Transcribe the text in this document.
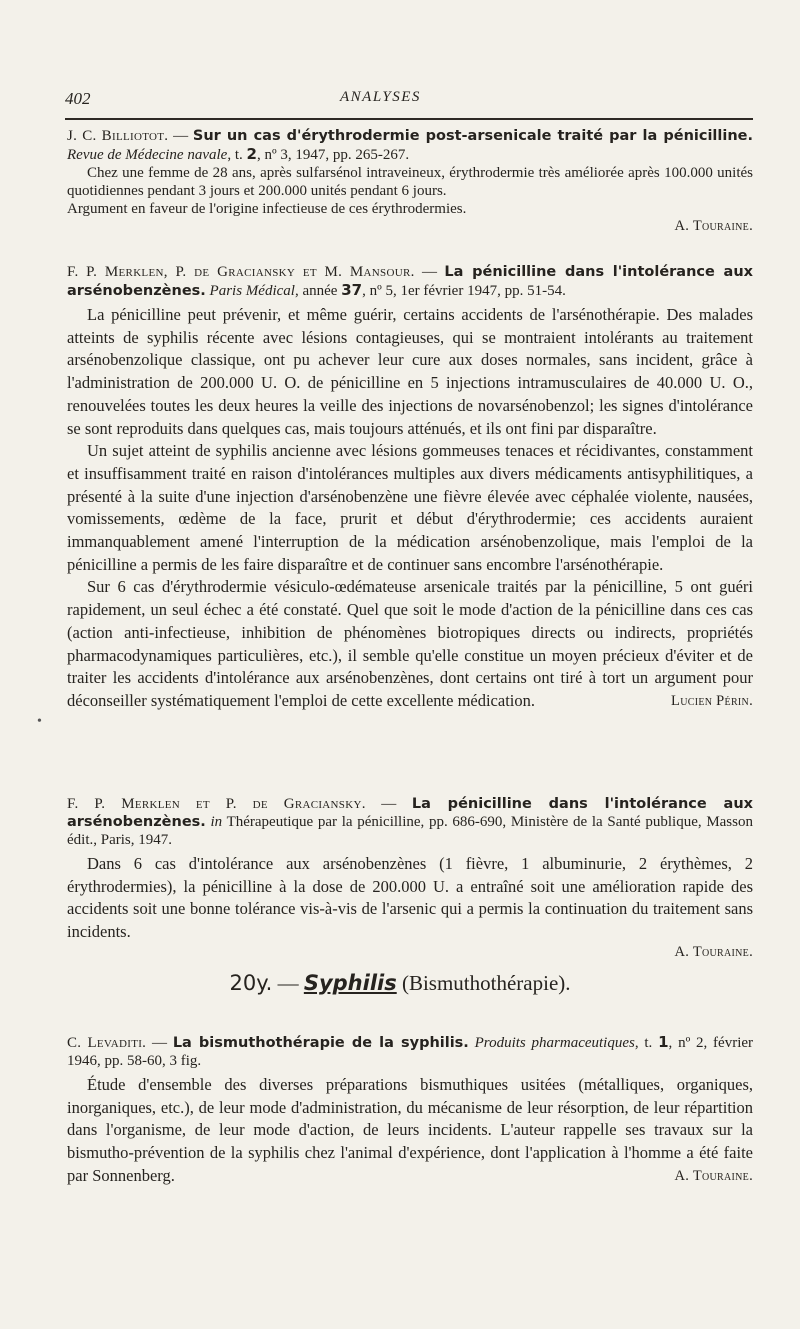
402	ANALYSES

J. C. Billiotot. — Sur un cas d'érythrodermie post-arsenicale traité par la pénicilline. Revue de Médecine navale, t. 2, nº 3, 1947, pp. 265-267.

Chez une femme de 28 ans, après sulfarsénol intraveineux, érythrodermie très améliorée après 100.000 unités quotidiennes pendant 3 jours et 200.000 unités pendant 6 jours.

Argument en faveur de l'origine infectieuse de ces érythrodermies.

A. Touraine.

F. P. Merklen, P. de Graciansky et M. Mansour. — La pénicilline dans l'intolérance aux arsénobenzènes. Paris Médical, année 37, nº 5, 1er février 1947, pp. 51-54.

La pénicilline peut prévenir, et même guérir, certains accidents de l'arsénothérapie. Des malades atteints de syphilis récente avec lésions contagieuses, qui se montraient intolérants au traitement arsénobenzolique classique, ont pu achever leur cure aux doses normales, sans incident, grâce à l'administration de 200.000 U. O. de pénicilline en 5 injections intramusculaires de 40.000 U. O., renouvelées toutes les deux heures la veille des injections de novarsénobenzol; les signes d'intolérance se sont reproduits dans quelques cas, mais toujours atténués, et ils ont fini par disparaître.

Un sujet atteint de syphilis ancienne avec lésions gommeuses tenaces et récidivantes, constamment et insuffisamment traité en raison d'intolérances multiples aux divers médicaments antisyphilitiques, a présenté à la suite d'une injection d'arsénobenzène une fièvre élevée avec céphalée violente, nausées, vomissements, œdème de la face, prurit et début d'érythrodermie; ces accidents auraient immanquablement amené l'interruption de la médication arsénobenzolique, mais l'emploi de la pénicilline a permis de les faire disparaître et de continuer sans encombre l'arsénothérapie.

Sur 6 cas d'érythrodermie vésiculo-œdémateuse arsenicale traités par la pénicilline, 5 ont guéri rapidement, un seul échec a été constaté. Quel que soit le mode d'action de la pénicilline dans ces cas (action anti-infectieuse, inhibition de phénomènes biotropiques directs ou indirects, propriétés pharmacodynamiques particulières, etc.), il semble qu'elle constitue un moyen précieux d'éviter et de traiter les accidents d'intolérance aux arsénobenzènes, dont certains ont tiré à tort un argument pour déconseiller systématiquement l'emploi de cette excellente médication.	Lucien Périn.

•

F. P. Merklen et P. de Graciansky. — La pénicilline dans l'intolérance aux arsénobenzènes. in Thérapeutique par la pénicilline, pp. 686-690, Ministère de la Santé publique, Masson édit., Paris, 1947.

Dans 6 cas d'intolérance aux arsénobenzènes (1 fièvre, 1 albuminurie, 2 érythèmes, 2 érythrodermies), la pénicilline à la dose de 200.000 U. a entraîné soit une amélioration rapide des accidents soit une bonne tolérance vis-à-vis de l'arsenic qui a permis la continuation du traitement sans incidents.

A. Touraine.

20y. — Syphilis (Bismuthothérapie).

C. Levaditi. — La bismuthothérapie de la syphilis. Produits pharmaceutiques, t. 1, nº 2, février 1946, pp. 58-60, 3 fig.

Étude d'ensemble des diverses préparations bismuthiques usitées (métalliques, organiques, inorganiques, etc.), de leur mode d'administration, du mécanisme de leur résorption, de leur répartition dans l'organisme, de leur mode d'action, de leurs incidents. L'auteur rappelle ses travaux sur la bismutho-prévention de la syphilis chez l'animal d'expérience, dont l'application à l'homme a été faite par Sonnenberg.	A. Touraine.
